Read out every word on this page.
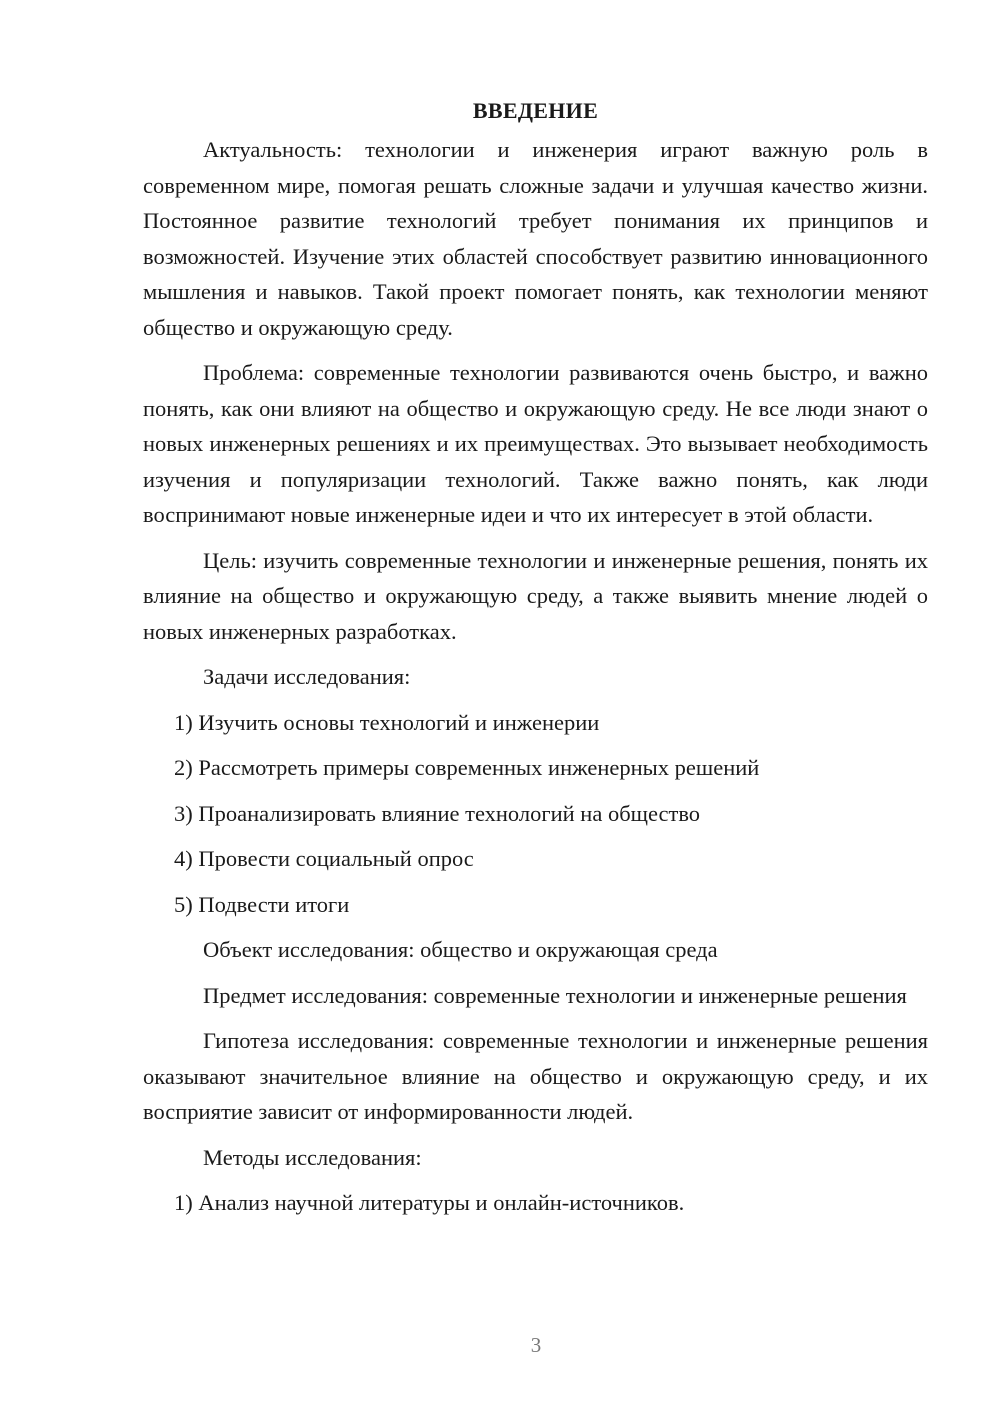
ВВЕДЕНИЕ

Актуальность: технологии и инженерия играют важную роль в современном мире, помогая решать сложные задачи и улучшая качество жизни. Постоянное развитие технологий требует понимания их принципов и возможностей. Изучение этих областей способствует развитию инновационного мышления и навыков. Такой проект помогает понять, как технологии меняют общество и окружающую среду.

Проблема: современные технологии развиваются очень быстро, и важно понять, как они влияют на общество и окружающую среду. Не все люди знают о новых инженерных решениях и их преимуществах. Это вызывает необходимость изучения и популяризации технологий. Также важно понять, как люди воспринимают новые инженерные идеи и что их интересует в этой области.

Цель: изучить современные технологии и инженерные решения, понять их влияние на общество и окружающую среду, а также выявить мнение людей о новых инженерных разработках.

Задачи исследования:

1) Изучить основы технологий и инженерии

2) Рассмотреть примеры современных инженерных решений

3) Проанализировать влияние технологий на общество

4) Провести социальный опрос

5) Подвести итоги

Объект исследования: общество и окружающая среда

Предмет исследования: современные технологии и инженерные решения

Гипотеза исследования: современные технологии и инженерные решения оказывают значительное влияние на общество и окружающую среду, и их восприятие зависит от информированности людей.

Методы исследования:

1) Анализ научной литературы и онлайн-источников.

3
